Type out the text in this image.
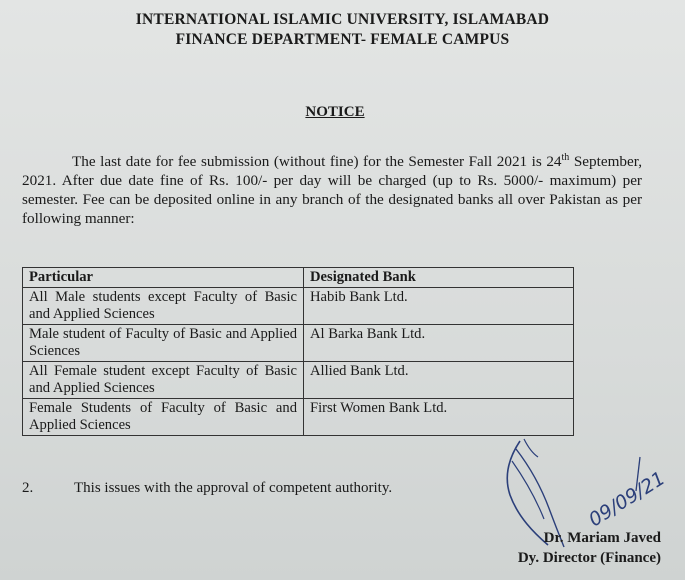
INTERNATIONAL ISLAMIC UNIVERSITY, ISLAMABAD
FINANCE DEPARTMENT- FEMALE CAMPUS
NOTICE
The last date for fee submission (without fine) for the Semester Fall 2021 is 24th September, 2021. After due date fine of Rs. 100/- per day will be charged (up to Rs. 5000/- maximum) per semester. Fee can be deposited online in any branch of the designated banks all over Pakistan as per following manner:
Particular	Designated Bank
All Male students except Faculty of Basic and Applied Sciences	Habib Bank Ltd.
Male student of Faculty of Basic and Applied Sciences	Al Barka Bank Ltd.
All Female student except Faculty of Basic and Applied Sciences	Allied Bank Ltd.
Female Students of Faculty of Basic and Applied Sciences	First Women Bank Ltd.
2.	This issues with the approval of competent authority.	09/09/21
Dr. Mariam Javed
Dy. Director (Finance)
